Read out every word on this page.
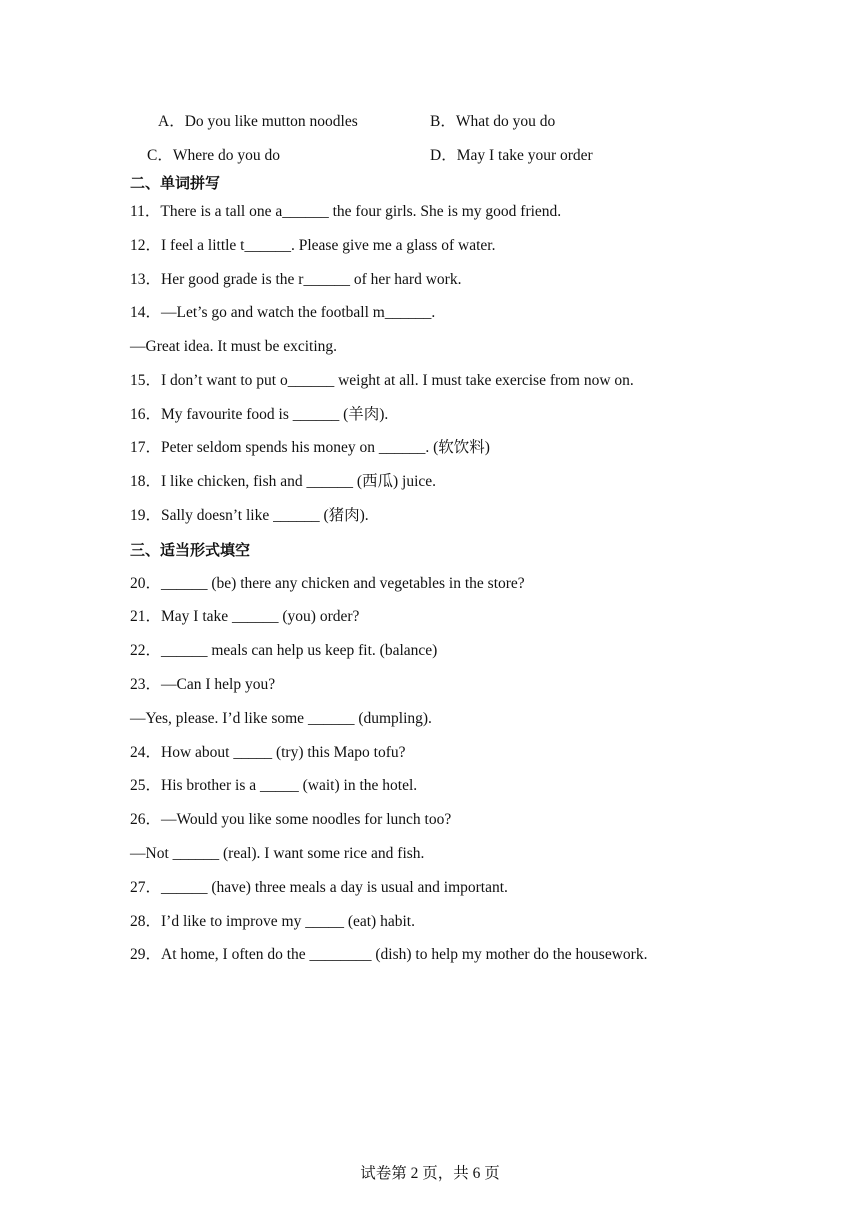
A．Do you like mutton noodles	B．What do you do
C．Where do you do	D．May I take your order
二、单词拼写
11．There is a tall one a______ the four girls. She is my good friend.
12．I feel a little t______. Please give me a glass of water.
13．Her good grade is the r______ of her hard work.
14．—Let’s go and watch the football m______.
—Great idea. It must be exciting.
15．I don’t want to put o______ weight at all. I must take exercise from now on.
16．My favourite food is ______ (羊肉).
17．Peter seldom spends his money on ______. (软饮料)
18．I like chicken, fish and ______ (西瓜) juice.
19．Sally doesn’t like ______ (猪肉).
三、适当形式填空
20．______ (be) there any chicken and vegetables in the store?
21．May I take ______ (you) order?
22．______ meals can help us keep fit. (balance)
23．—Can I help you?
—Yes, please. I’d like some ______ (dumpling).
24．How about _____ (try) this Mapo tofu?
25．His brother is a _____ (wait) in the hotel.
26．—Would you like some noodles for lunch too?
—Not ______ (real). I want some rice and fish.
27．______ (have) three meals a day is usual and important.
28．I’d like to improve my _____ (eat) habit.
29．At home, I often do the ________ (dish) to help my mother do the housework.
试卷第 2 页，共 6 页
